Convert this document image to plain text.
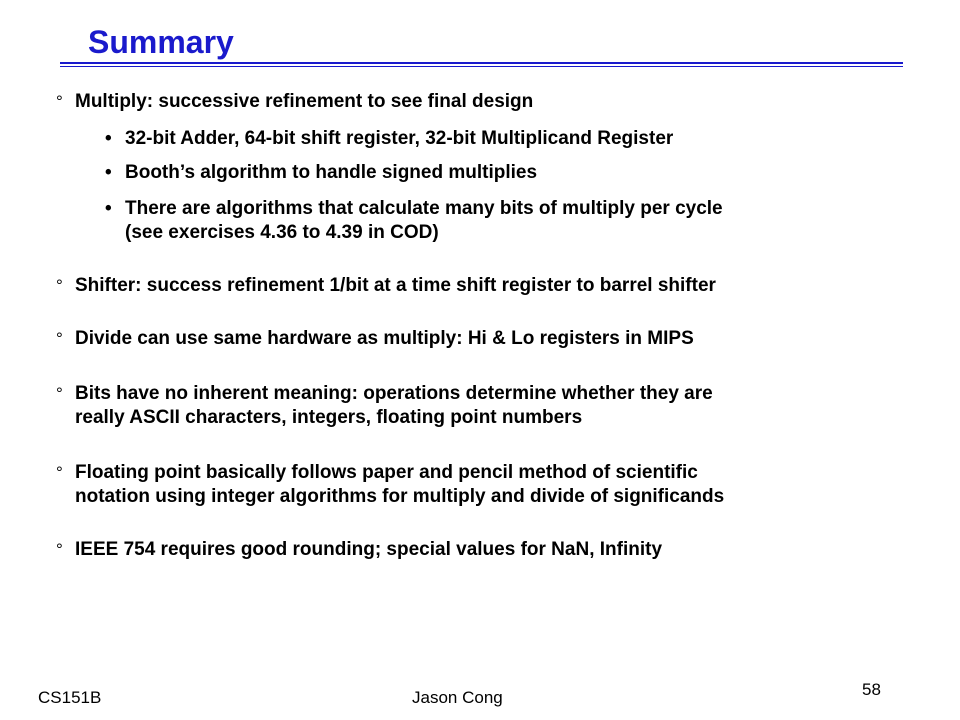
Summary
° Multiply: successive refinement to see final design
• 32-bit Adder, 64-bit shift register, 32-bit Multiplicand Register
• Booth’s algorithm to handle signed multiplies
• There are algorithms that calculate many bits of multiply per cycle
(see exercises 4.36 to 4.39 in COD)
° Shifter: success refinement 1/bit at a time shift register to barrel shifter
° Divide can use same hardware as multiply: Hi & Lo registers in MIPS
° Bits have no inherent meaning: operations determine whether they are
really ASCII characters, integers, floating point numbers
° Floating point basically follows paper and pencil method of scientific
notation using integer algorithms for multiply and divide of significands
° IEEE 754 requires good rounding; special values for NaN, Infinity
CS151B	Jason Cong	58
